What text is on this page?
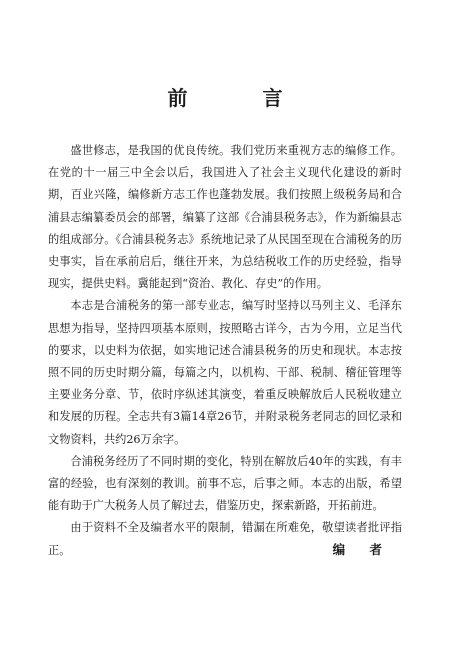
前 言

盛世修志，是我国的优良传统。我们党历来重视方志的编修工作。在党的十一届三中全会以后，我国进入了社会主义现代化建设的新时期，百业兴隆，编修新方志工作也蓬勃发展。我们按照上级税务局和合浦县志编纂委员会的部署，编纂了这部《合浦县税务志》，作为新编县志的组成部分。《合浦县税务志》系统地记录了从民国至现在合浦税务的历史事实，旨在承前启后，继往开来，为总结税收工作的历史经验，指导现实，提供史料。冀能起到“资治、教化、存史”的作用。

本志是合浦税务的第一部专业志，编写时坚持以马列主义、毛泽东思想为指导，坚持四项基本原则，按照略古详今，古为今用，立足当代的要求，以史料为依据，如实地记述合浦县税务的历史和现状。本志按照不同的历史时期分篇，每篇之内，以机构、干部、税制、稽征管理等主要业务分章、节，依时序纵述其演变，着重反映解放后人民税收建立和发展的历程。全志共有3篇14章26节，并附录税务老同志的回忆录和文物资料，共约26万余字。

合浦税务经历了不同时期的变化，特别在解放后40年的实践，有丰富的经验，也有深刻的教训。前事不忘，后事之师。本志的出版，希望能有助于广大税务人员了解过去，借鉴历史，探索新路，开拓前进。

由于资料不全及编者水平的限制，错漏在所难免，敬望读者批评指正。	编 者
